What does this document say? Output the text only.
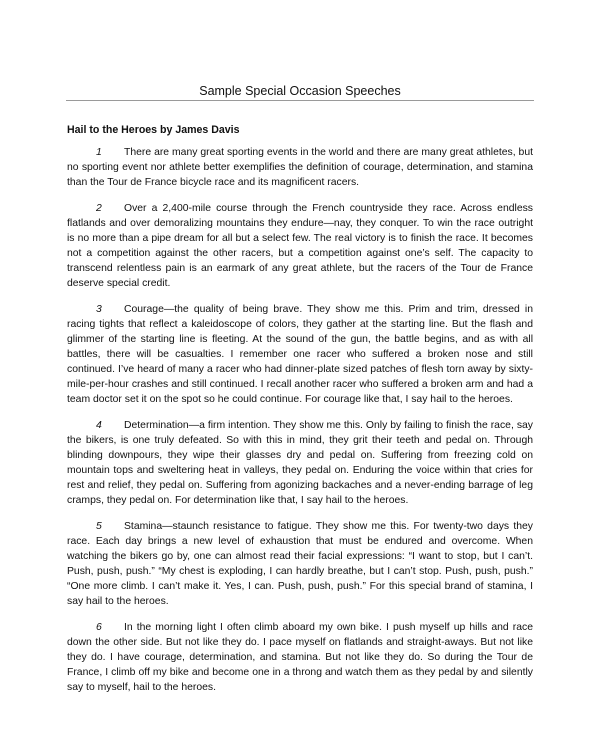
Sample Special Occasion Speeches
Hail to the Heroes by James Davis

1 There are many great sporting events in the world and there are many great athletes, but no sporting event nor athlete better exemplifies the definition of courage, determination, and stamina than the Tour de France bicycle race and its magnificent racers.

2 Over a 2,400-mile course through the French countryside they race. Across endless flatlands and over demoralizing mountains they endure—nay, they conquer. To win the race outright is no more than a pipe dream for all but a select few. The real victory is to finish the race. It becomes not a competition against the other racers, but a competition against one’s self. The capacity to transcend relentless pain is an earmark of any great athlete, but the racers of the Tour de France deserve special credit.

3 Courage—the quality of being brave. They show me this. Prim and trim, dressed in racing tights that reflect a kaleidoscope of colors, they gather at the starting line. But the flash and glimmer of the starting line is fleeting. At the sound of the gun, the battle begins, and as with all battles, there will be casualties. I remember one racer who suffered a broken nose and still continued. I’ve heard of many a racer who had dinner-plate sized patches of flesh torn away by sixty-mile-per-hour crashes and still continued. I recall another racer who suffered a broken arm and had a team doctor set it on the spot so he could continue. For courage like that, I say hail to the heroes.

4 Determination—a firm intention. They show me this. Only by failing to finish the race, say the bikers, is one truly defeated. So with this in mind, they grit their teeth and pedal on. Through blinding downpours, they wipe their glasses dry and pedal on. Suffering from freezing cold on mountain tops and sweltering heat in valleys, they pedal on. Enduring the voice within that cries for rest and relief, they pedal on. Suffering from agonizing backaches and a never-ending barrage of leg cramps, they pedal on. For determination like that, I say hail to the heroes.

5 Stamina—staunch resistance to fatigue. They show me this. For twenty-two days they race. Each day brings a new level of exhaustion that must be endured and overcome. When watching the bikers go by, one can almost read their facial expressions: “I want to stop, but I can’t. Push, push, push.” “My chest is exploding, I can hardly breathe, but I can’t stop. Push, push, push.” “One more climb. I can’t make it. Yes, I can. Push, push, push.” For this special brand of stamina, I say hail to the heroes.

6 In the morning light I often climb aboard my own bike. I push myself up hills and race down the other side. But not like they do. I pace myself on flatlands and straight-aways. But not like they do. I have courage, determination, and stamina. But not like they do. So during the Tour de France, I climb off my bike and become one in a throng and watch them as they pedal by and silently say to myself, hail to the heroes.
